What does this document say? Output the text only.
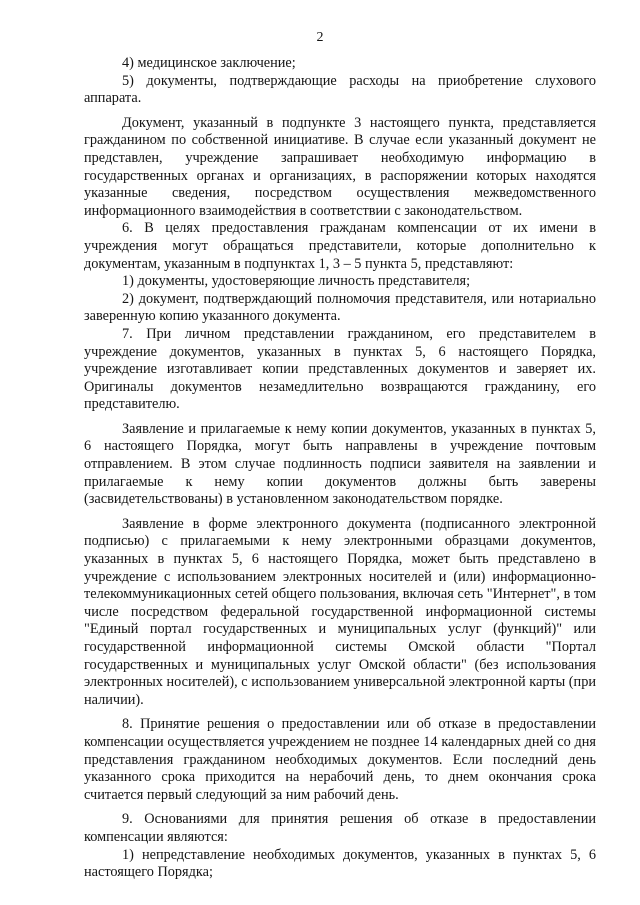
2

4) медицинское заключение;

5) документы, подтверждающие расходы на приобретение слухового аппарата.

Документ, указанный в подпункте 3 настоящего пункта, представляется гражданином по собственной инициативе. В случае если указанный документ не представлен, учреждение запрашивает необходимую информацию в государственных органах и организациях, в распоряжении которых находятся указанные сведения, посредством осуществления межведомственного информационного взаимодействия в соответствии с законодательством.

6. В целях предоставления гражданам компенсации от их имени в учреждения могут обращаться представители, которые дополнительно к документам, указанным в подпунктах 1, 3 – 5 пункта 5, представляют:

1) документы, удостоверяющие личность представителя;

2) документ, подтверждающий полномочия представителя, или нотариально заверенную копию указанного документа.

7. При личном представлении гражданином, его представителем в учреждение документов, указанных в пунктах 5, 6 настоящего Порядка, учреждение изготавливает копии представленных документов и заверяет их. Оригиналы документов незамедлительно возвращаются гражданину, его представителю.

Заявление и прилагаемые к нему копии документов, указанных в пунктах 5, 6 настоящего Порядка, могут быть направлены в учреждение почтовым отправлением. В этом случае подлинность подписи заявителя на заявлении и прилагаемые к нему копии документов должны быть заверены (засвидетельствованы) в установленном законодательством порядке.

Заявление в форме электронного документа (подписанного электронной подписью) с прилагаемыми к нему электронными образцами документов, указанных в пунктах 5, 6 настоящего Порядка, может быть представлено в учреждение с использованием электронных носителей и (или) информационно-телекоммуникационных сетей общего пользования, включая сеть "Интернет", в том числе посредством федеральной государственной информационной системы "Единый портал государственных и муниципальных услуг (функций)" или государственной информационной системы Омской области "Портал государственных и муниципальных услуг Омской области" (без использования электронных носителей), с использованием универсальной электронной карты (при наличии).

8. Принятие решения о предоставлении или об отказе в предоставлении компенсации осуществляется учреждением не позднее 14 календарных дней со дня представления гражданином необходимых документов. Если последний день указанного срока приходится на нерабочий день, то днем окончания срока считается первый следующий за ним рабочий день.

9. Основаниями для принятия решения об отказе в предоставлении компенсации являются:

1) непредставление необходимых документов, указанных в пунктах 5, 6 настоящего Порядка;
